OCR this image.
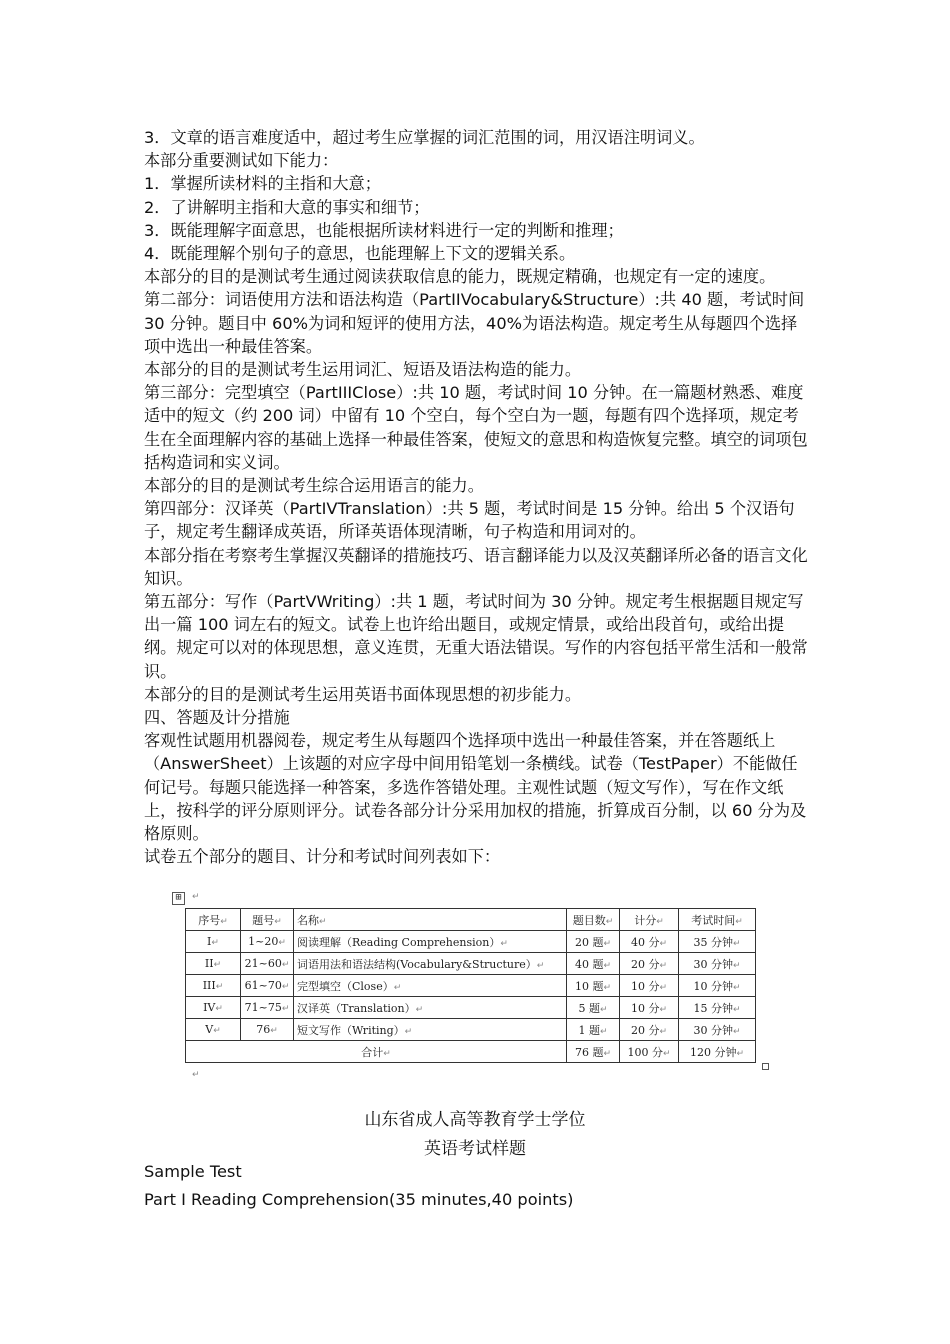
3．文章的语言难度适中，超过考生应掌握的词汇范围的词，用汉语注明词义。

本部分重要测试如下能力：

1．掌握所读材料的主指和大意；

2．了讲解明主指和大意的事实和细节；

3．既能理解字面意思，也能根据所读材料进行一定的判断和推理；

4．既能理解个别句子的意思，也能理解上下文的逻辑关系。

本部分的目的是测试考生通过阅读获取信息的能力，既规定精确，也规定有一定的速度。

第二部分：词语使用方法和语法构造（PartIIVocabulary&Structure）:共 40 题，考试时间 30 分钟。题目中 60%为词和短评的使用方法，40%为语法构造。规定考生从每题四个选择项中选出一种最佳答案。

本部分的目的是测试考生运用词汇、短语及语法构造的能力。

第三部分：完型填空（PartIIIClose）:共 10 题，考试时间 10 分钟。在一篇题材熟悉、难度适中的短文（约 200 词）中留有 10 个空白，每个空白为一题，每题有四个选择项，规定考生在全面理解内容的基础上选择一种最佳答案，使短文的意思和构造恢复完整。填空的词项包括构造词和实义词。

本部分的目的是测试考生综合运用语言的能力。

第四部分：汉译英（PartIVTranslation）:共 5 题，考试时间是 15 分钟。给出 5 个汉语句子，规定考生翻译成英语，所译英语体现清晰，句子构造和用词对的。

本部分指在考察考生掌握汉英翻译的措施技巧、语言翻译能力以及汉英翻译所必备的语言文化知识。

第五部分：写作（PartVWriting）:共 1 题，考试时间为 30 分钟。规定考生根据题目规定写出一篇 100 词左右的短文。试卷上也许给出题目，或规定情景，或给出段首句，或给出提纲。规定可以对的体现思想，意义连贯，无重大语法错误。写作的内容包括平常生活和一般常识。

本部分的目的是测试考生运用英语书面体现思想的初步能力。

四、答题及计分措施

客观性试题用机器阅卷，规定考生从每题四个选择项中选出一种最佳答案，并在答题纸上（AnswerSheet）上该题的对应字母中间用铅笔划一条横线。试卷（TestPaper）不能做任何记号。每题只能选择一种答案，多选作答错处理。主观性试题（短文写作），写在作文纸上，按科学的评分原则评分。试卷各部分计分采用加权的措施，折算成百分制，以 60 分为及格原则。

试卷五个部分的题目、计分和考试时间列表如下：

⊞	↵
序号↵	题号↵	名称↵	题目数↵	计分↵	考试时间↵
I↵	1~20↵	阅读理解（Reading Comprehension）↵	20 题↵	40 分↵	35 分钟↵
II↵	21~60↵	词语用法和语法结构(Vocabulary&Structure）↵	40 题↵	20 分↵	30 分钟↵
III↵	61~70↵	完型填空（Close）↵	10 题↵	10 分↵	10 分钟↵
IV↵	71~75↵	汉译英（Translation）↵	5 题↵	10 分↵	15 分钟↵
V↵	76↵	短文写作（Writing）↵	1 题↵	20 分↵	30 分钟↵
合计↵			76 题↵	100 分↵	120 分钟↵
↵
山东省成人高等教育学士学位
英语考试样题
Sample Test
Part I Reading Comprehension(35 minutes,40 points)
